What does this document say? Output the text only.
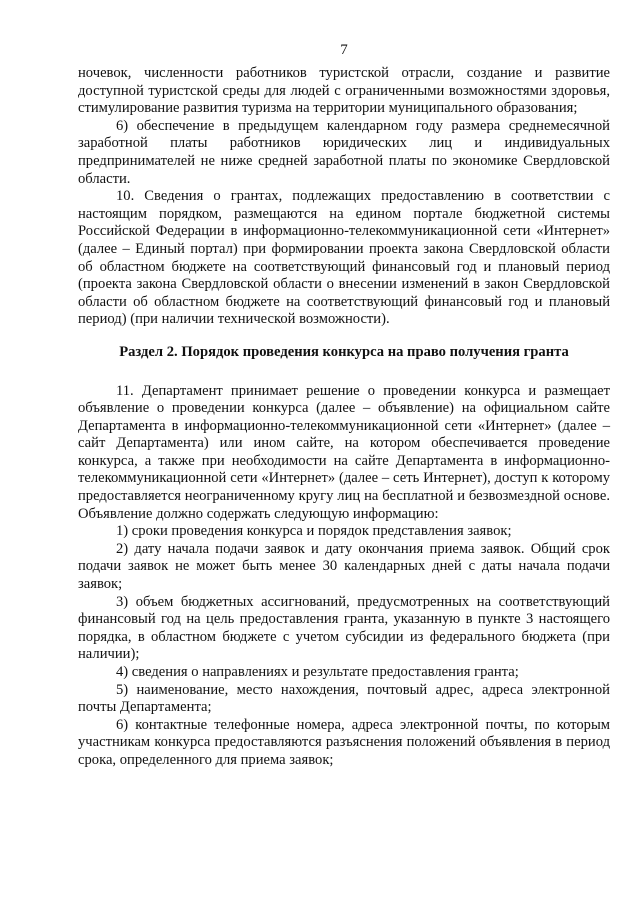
7

ночевок, численности работников туристской отрасли, создание и развитие доступной туристской среды для людей с ограниченными возможностями здоровья, стимулирование развития туризма на территории муниципального образования;

6) обеспечение в предыдущем календарном году размера среднемесячной заработной платы работников юридических лиц и индивидуальных предпринимателей не ниже средней заработной платы по экономике Свердловской области.

10. Сведения о грантах, подлежащих предоставлению в соответствии с настоящим порядком, размещаются на едином портале бюджетной системы Российской Федерации в информационно-телекоммуникационной сети «Интернет» (далее – Единый портал) при формировании проекта закона Свердловской области об областном бюджете на соответствующий финансовый год и плановый период (проекта закона Свердловской области о внесении изменений в закон Свердловской области об областном бюджете на соответствующий финансовый год и плановый период) (при наличии технической возможности).

Раздел 2. Порядок проведения конкурса на право получения гранта

11. Департамент принимает решение о проведении конкурса и размещает объявление о проведении конкурса (далее – объявление) на официальном сайте Департамента в информационно-телекоммуникационной сети «Интернет» (далее – сайт Департамента) или ином сайте, на котором обеспечивается проведение конкурса, а также при необходимости на сайте Департамента в информационно-телекоммуникационной сети «Интернет» (далее – сеть Интернет), доступ к которому предоставляется неограниченному кругу лиц на бесплатной и безвозмездной основе. Объявление должно содержать следующую информацию:

1) сроки проведения конкурса и порядок представления заявок;

2) дату начала подачи заявок и дату окончания приема заявок. Общий срок подачи заявок не может быть менее 30 календарных дней с даты начала подачи заявок;

3) объем бюджетных ассигнований, предусмотренных на соответствующий финансовый год на цель предоставления гранта, указанную в пункте 3 настоящего порядка, в областном бюджете с учетом субсидии из федерального бюджета (при наличии);

4) сведения о направлениях и результате предоставления гранта;

5) наименование, место нахождения, почтовый адрес, адреса электронной почты Департамента;

6) контактные телефонные номера, адреса электронной почты, по которым участникам конкурса предоставляются разъяснения положений объявления в период срока, определенного для приема заявок;
